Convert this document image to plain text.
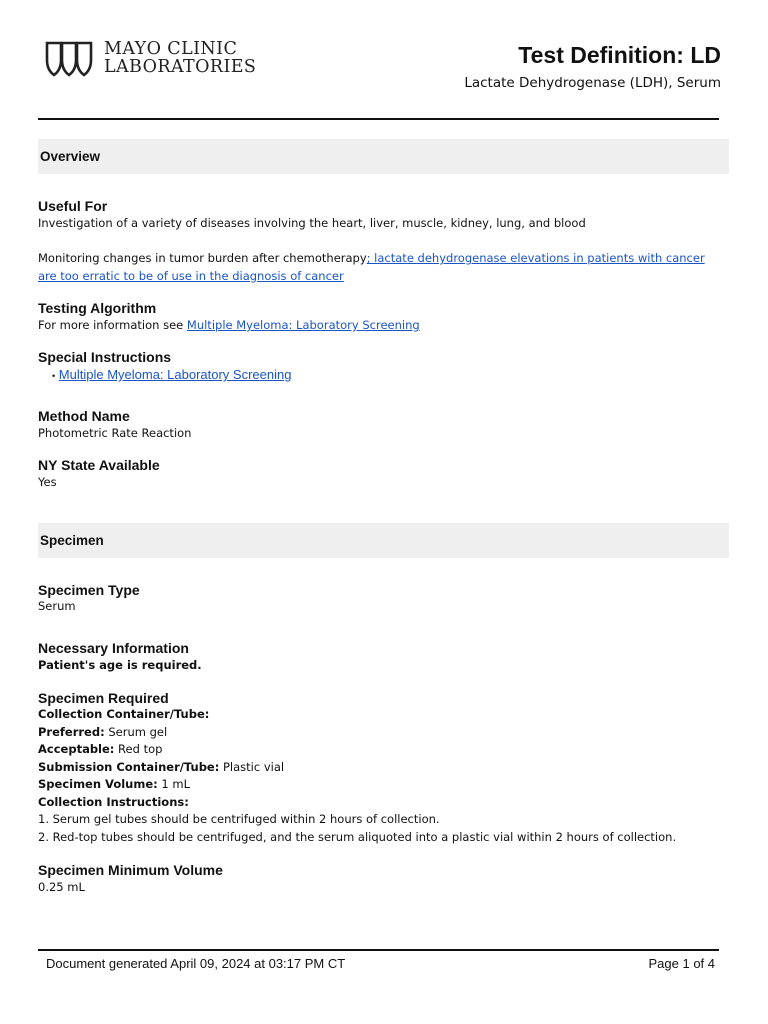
MAYO CLINIC
LABORATORIES	Test Definition: LD
Lactate Dehydrogenase (LDH), Serum
Overview
Useful For
Investigation of a variety of diseases involving the heart, liver, muscle, kidney, lung, and blood
Monitoring changes in tumor burden after chemotherapy; lactate dehydrogenase elevations in patients with cancer are too erratic to be of use in the diagnosis of cancer
Testing Algorithm
For more information see Multiple Myeloma: Laboratory Screening
Special Instructions
• Multiple Myeloma: Laboratory Screening
Method Name
Photometric Rate Reaction
NY State Available
Yes
Specimen
Specimen Type
Serum
Necessary Information
Patient's age is required.
Specimen Required
Collection Container/Tube:
Preferred: Serum gel
Acceptable: Red top
Submission Container/Tube: Plastic vial
Specimen Volume: 1 mL
Collection Instructions:
1. Serum gel tubes should be centrifuged within 2 hours of collection.
2. Red-top tubes should be centrifuged, and the serum aliquoted into a plastic vial within 2 hours of collection.
Specimen Minimum Volume
0.25 mL
Document generated April 09, 2024 at 03:17 PM CT	Page 1 of 4
